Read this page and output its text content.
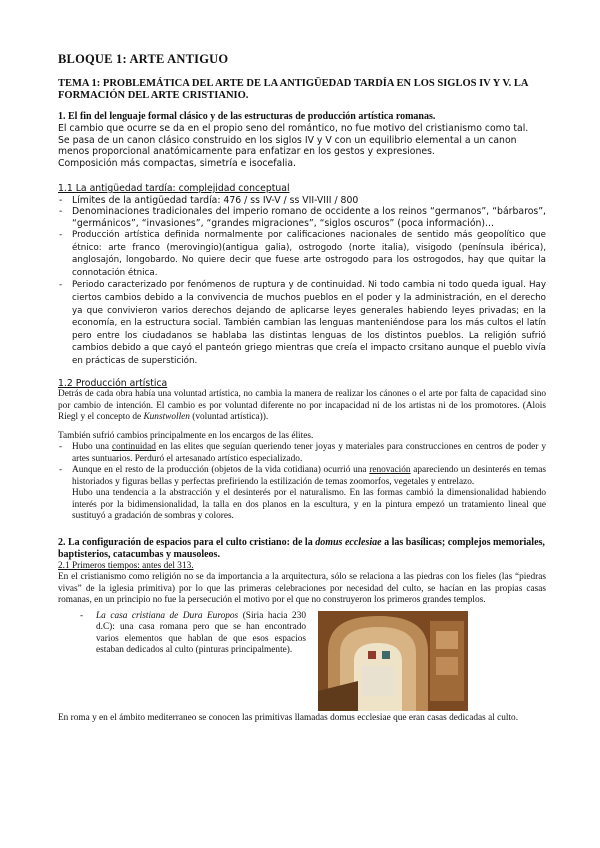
BLOQUE 1: ARTE ANTIGUO
TEMA 1: PROBLEMÁTICA DEL ARTE DE LA ANTIGÜEDAD TARDÍA EN LOS SIGLOS IV Y V. LA FORMACIÓN DEL ARTE CRISTIANIO.
1. El fin del lenguaje formal clásico y de las estructuras de producción artística romanas.

El cambio que ocurre se da en el propio seno del romántico, no fue motivo del cristianismo como tal.

Se pasa de un canon clásico construido en los siglos IV y V con un equilibrio elemental a un canon menos proporcional anatómicamente para enfatizar en los gestos y expresiones.

Composición más compactas, simetría e isocefalia.

1.1 La antigüedad tardía: complejidad conceptual

- Límites de la antigüedad tardía: 476 / ss IV-V / ss VII-VIII / 800
- Denominaciones tradicionales del imperio romano de occidente a los reinos “germanos”, “bárbaros”, “germánicos”, “invasiones”, “grandes migraciones”, “siglos oscuros” (poca información)...
- Producción artística definida normalmente por calificaciones nacionales de sentido más geopolítico que étnico: arte franco (merovingio)(antigua galia), ostrogodo (norte italia), visigodo (península ibérica), anglosajón, longobardo. No quiere decir que fuese arte ostrogodo para los ostrogodos, hay que quitar la connotación étnica.
- Periodo caracterizado por fenómenos de ruptura y de continuidad. Ni todo cambia ni todo queda igual. Hay ciertos cambios debido a la convivencia de muchos pueblos en el poder y la administración, en el derecho ya que convivieron varios derechos dejando de aplicarse leyes generales habiendo leyes privadas; en la economía, en la estructura social. También cambian las lenguas manteniéndose para los más cultos el latín pero entre los ciudadanos se hablaba las distintas lenguas de los distintos pueblos. La religión sufrió cambios debido a que cayó el panteón griego mientras que creía el impacto crsitano aunque el pueblo vivía en prácticas de superstición.

1.2 Producción artística

Detrás de cada obra había una voluntad artística, no cambia la manera de realizar los cánones o el arte por falta de capacidad sino por cambio de intención. El cambio es por voluntad diferente no por incapacidad ni de los artistas ni de los promotores. (Alois Riegl y el concepto de Kunstwollen (voluntad artística)).

También sufrió cambios principalmente en los encargos de las élites.

- Hubo una continuidad en las elites que seguían queriendo tener joyas y materiales para construcciones en centros de poder y artes suntuarios. Perduró el artesanado artístico especializado.
- Aunque en el resto de la producción (objetos de la vida cotidiana) ocurrió una renovación apareciendo un desinterés en temas historiados y figuras bellas y perfectas prefiriendo la estilización de temas zoomorfos, vegetales y entrelazo.

Hubo una tendencia a la abstracción y el desinterés por el naturalismo. En las formas cambió la dimensionalidad habiendo interés por la bidimensionalidad, la talla en dos planos en la escultura, y en la pintura empezó un tratamiento lineal que sustituyó a gradación de sombras y colores.

2. La configuración de espacios para el culto cristiano: de la domus ecclesiae a las basílicas; complejos memoriales, baptisterios, catacumbas y mausoleos.

2.1 Primeros tiempos: antes del 313.

En el cristianismo como religión no se da importancia a la arquitectura, sólo se relaciona a las piedras con los fieles (las “piedras vivas” de la iglesia primitiva) por lo que las primeras celebraciones por necesidad del culto, se hacían en las propias casas romanas, en un principio no fue la persecución el motivo por el que no construyeron los primeros grandes templos.

- La casa cristiana de Dura Europos (Siria hacia 230 d.C): una casa romana pero que se han encontrado varios elementos que hablan de que esos espacios estaban dedicados al culto (pinturas principalmente).

En roma y en el ámbito mediterraneo se conocen las primitivas llamadas domus ecclesiae que eran casas dedicadas al culto.
